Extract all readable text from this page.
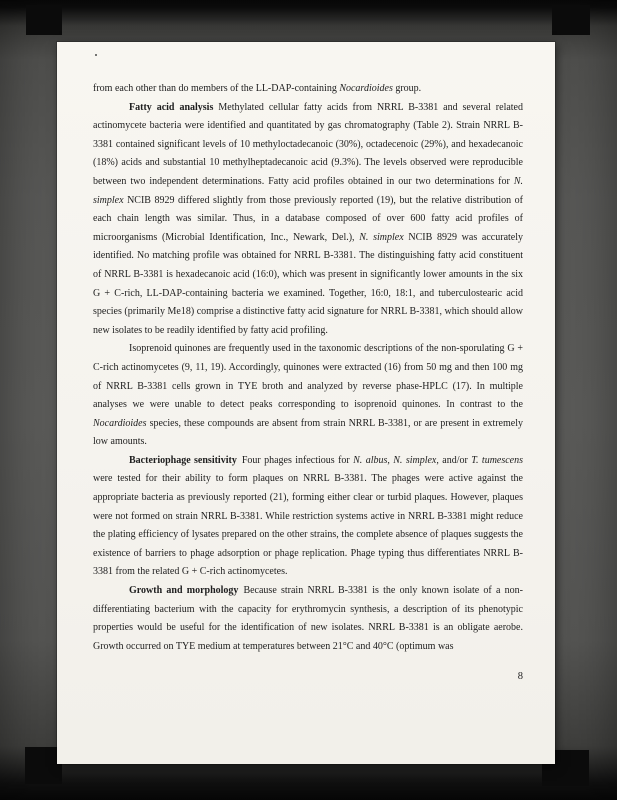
from each other than do members of the LL-DAP-containing Nocardioides group.

Fatty acid analysis Methylated cellular fatty acids from NRRL B-3381 and several related actinomycete bacteria were identified and quantitated by gas chromatography (Table 2). Strain NRRL B-3381 contained significant levels of 10 methyloctadecanoic (30%), octadecenoic (29%), and hexadecanoic (18%) acids and substantial 10 methylheptadecanoic acid (9.3%). The levels observed were reproducible between two independent determinations. Fatty acid profiles obtained in our two determinations for N. simplex NCIB 8929 differed slightly from those previously reported (19), but the relative distribution of each chain length was similar. Thus, in a database composed of over 600 fatty acid profiles of microorganisms (Microbial Identification, Inc., Newark, Del.), N. simplex NCIB 8929 was accurately identified. No matching profile was obtained for NRRL B-3381. The distinguishing fatty acid constituent of NRRL B-3381 is hexadecanoic acid (16:0), which was present in significantly lower amounts in the six G + C-rich, LL-DAP-containing bacteria we examined. Together, 16:0, 18:1, and tuberculostearic acid species (primarily Me18) comprise a distinctive fatty acid signature for NRRL B-3381, which should allow new isolates to be readily identified by fatty acid profiling.

Isoprenoid quinones are frequently used in the taxonomic descriptions of the non-sporulating G + C-rich actinomycetes (9, 11, 19). Accordingly, quinones were extracted (16) from 50 mg and then 100 mg of NRRL B-3381 cells grown in TYE broth and analyzed by reverse phase-HPLC (17). In multiple analyses we were unable to detect peaks corresponding to isoprenoid quinones. In contrast to the Nocardioides species, these compounds are absent from strain NRRL B-3381, or are present in extremely low amounts.

Bacteriophage sensitivity Four phages infectious for N. albus, N. simplex, and/or T. tumescens were tested for their ability to form plaques on NRRL B-3381. The phages were active against the appropriate bacteria as previously reported (21), forming either clear or turbid plaques. However, plaques were not formed on strain NRRL B-3381. While restriction systems active in NRRL B-3381 might reduce the plating efficiency of lysates prepared on the other strains, the complete absence of plaques suggests the existence of barriers to phage adsorption or phage replication. Phage typing thus differentiates NRRL B-3381 from the related G + C-rich actinomycetes.

Growth and morphology Because strain NRRL B-3381 is the only known isolate of a non-differentiating bacterium with the capacity for erythromycin synthesis, a description of its phenotypic properties would be useful for the identification of new isolates. NRRL B-3381 is an obligate aerobe. Growth occurred on TYE medium at temperatures between 21°C and 40°C (optimum was

8
